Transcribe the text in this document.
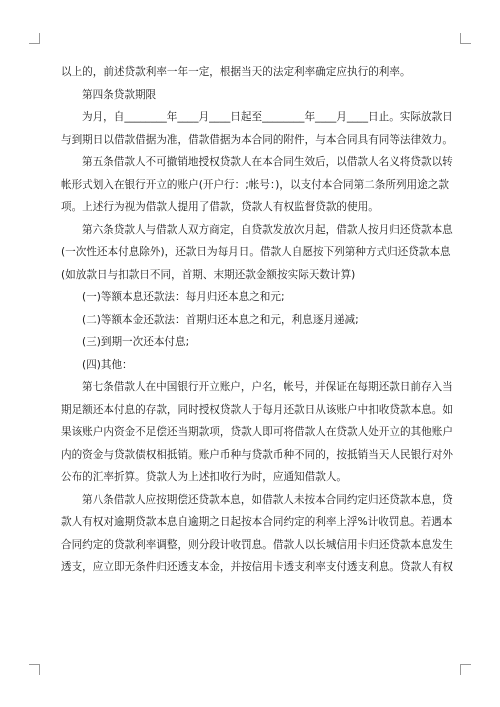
以上的，前述贷款利率一年一定，根据当天的法定利率确定应执行的利率。

第四条贷款期限

为月，自________年____月____日起至________年____月____日止。实际放款日

与到期日以借款借据为准，借款借据为本合同的附件，与本合同具有同等法律效力。

第五条借款人不可撤销地授权贷款人在本合同生效后，以借款人名义将贷款以转

帐形式划入在银行开立的账户(开户行：;帐号：)，以支付本合同第二条所列用途之款

项。上述行为视为借款人提用了借款，贷款人有权监督贷款的使用。

第六条贷款人与借款人双方商定，自贷款发放次月起，借款人按月归还贷款本息

(一次性还本付息除外)，还款日为每月日。借款人自愿按下列第种方式归还贷款本息

(如放款日与扣款日不同，首期、末期还款金额按实际天数计算)

(一)等额本息还款法：每月归还本息之和元;

(二)等额本金还款法：首期归还本息之和元，利息逐月递减;

(三)到期一次还本付息;

(四)其他：

第七条借款人在中国银行开立账户，户名，帐号，并保证在每期还款日前存入当

期足额还本付息的存款，同时授权贷款人于每月还款日从该账户中扣收贷款本息。如

果该账户内资金不足偿还当期款项，贷款人即可将借款人在贷款人处开立的其他账户

内的资金与贷款债权相抵销。账户币种与贷款币种不同的，按抵销当天人民银行对外

公布的汇率折算。贷款人为上述扣收行为时，应通知借款人。

第八条借款人应按期偿还贷款本息，如借款人未按本合同约定归还贷款本息，贷

款人有权对逾期贷款本息自逾期之日起按本合同约定的利率上浮%计收罚息。若遇本

合同约定的贷款利率调整，则分段计收罚息。借款人以长城信用卡归还贷款本息发生

透支，应立即无条件归还透支本金，并按信用卡透支利率支付透支利息。贷款人有权
